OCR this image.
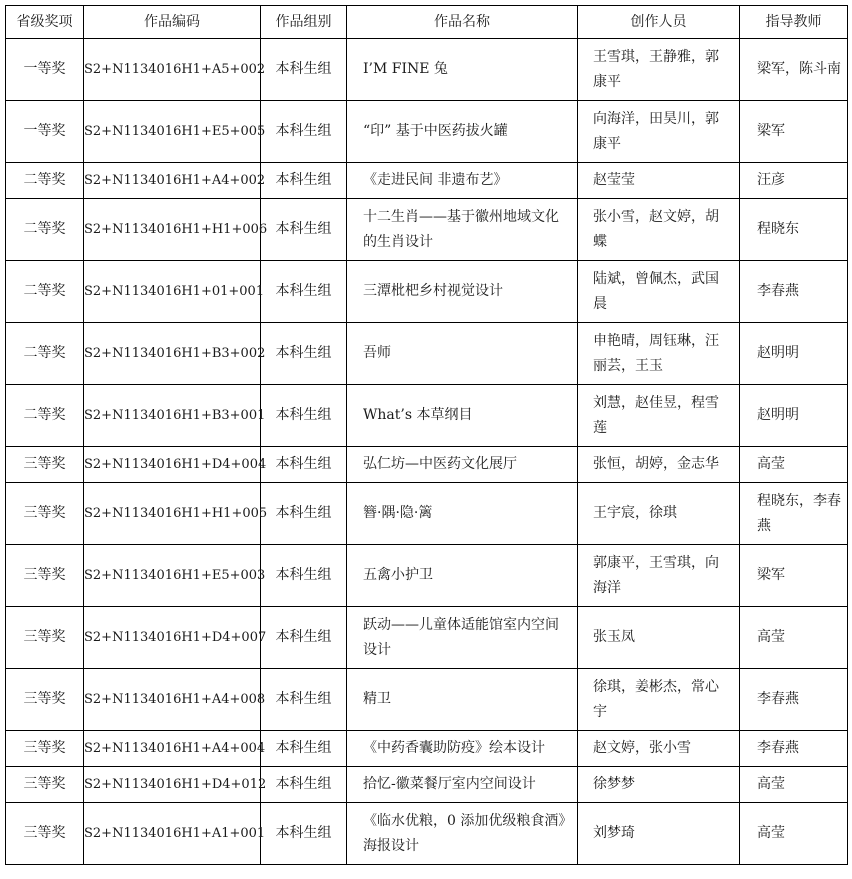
省级奖项	作品编码	作品组别	作品名称	创作人员	指导教师
一等奖	S2+N1134016H1+A5+002	本科生组	I’M FINE 兔	王雪琪，王静雅，郭康平	梁军，陈斗南
一等奖	S2+N1134016H1+E5+005	本科生组	“印” 基于中医药拔火罐	向海洋，田昊川，郭康平	梁军
二等奖	S2+N1134016H1+A4+002	本科生组	《走进民间 非遗布艺》	赵莹莹	汪彦
二等奖	S2+N1134016H1+H1+006	本科生组	十二生肖——基于徽州地域文化的生肖设计	张小雪，赵文婷，胡蝶	程晓东
二等奖	S2+N1134016H1+01+001	本科生组	三潭枇杷乡村视觉设计	陆斌，曾佩杰，武国晨	李春燕
二等奖	S2+N1134016H1+B3+002	本科生组	吾师	申艳晴，周钰琳，汪丽芸，王玉	赵明明
二等奖	S2+N1134016H1+B3+001	本科生组	What’s 本草纲目	刘慧，赵佳昱，程雪莲	赵明明
三等奖	S2+N1134016H1+D4+004	本科生组	弘仁坊—中医药文化展厅	张恒，胡婷，金志华	高莹
三等奖	S2+N1134016H1+H1+005	本科生组	簪·隅·隐·篱	王宇宸，徐琪	程晓东，李春燕
三等奖	S2+N1134016H1+E5+003	本科生组	五禽小护卫	郭康平，王雪琪，向海洋	梁军
三等奖	S2+N1134016H1+D4+007	本科生组	跃动——儿童体适能馆室内空间设计	张玉凤	高莹
三等奖	S2+N1134016H1+A4+008	本科生组	精卫	徐琪，姜彬杰，常心宇	李春燕
三等奖	S2+N1134016H1+A4+004	本科生组	《中药香囊助防疫》绘本设计	赵文婷，张小雪	李春燕
三等奖	S2+N1134016H1+D4+012	本科生组	拾忆-徽菜餐厅室内空间设计	徐梦梦	高莹
三等奖	S2+N1134016H1+A1+001	本科生组	《临水优粮，0 添加优级粮食酒》海报设计	刘梦琦	高莹
